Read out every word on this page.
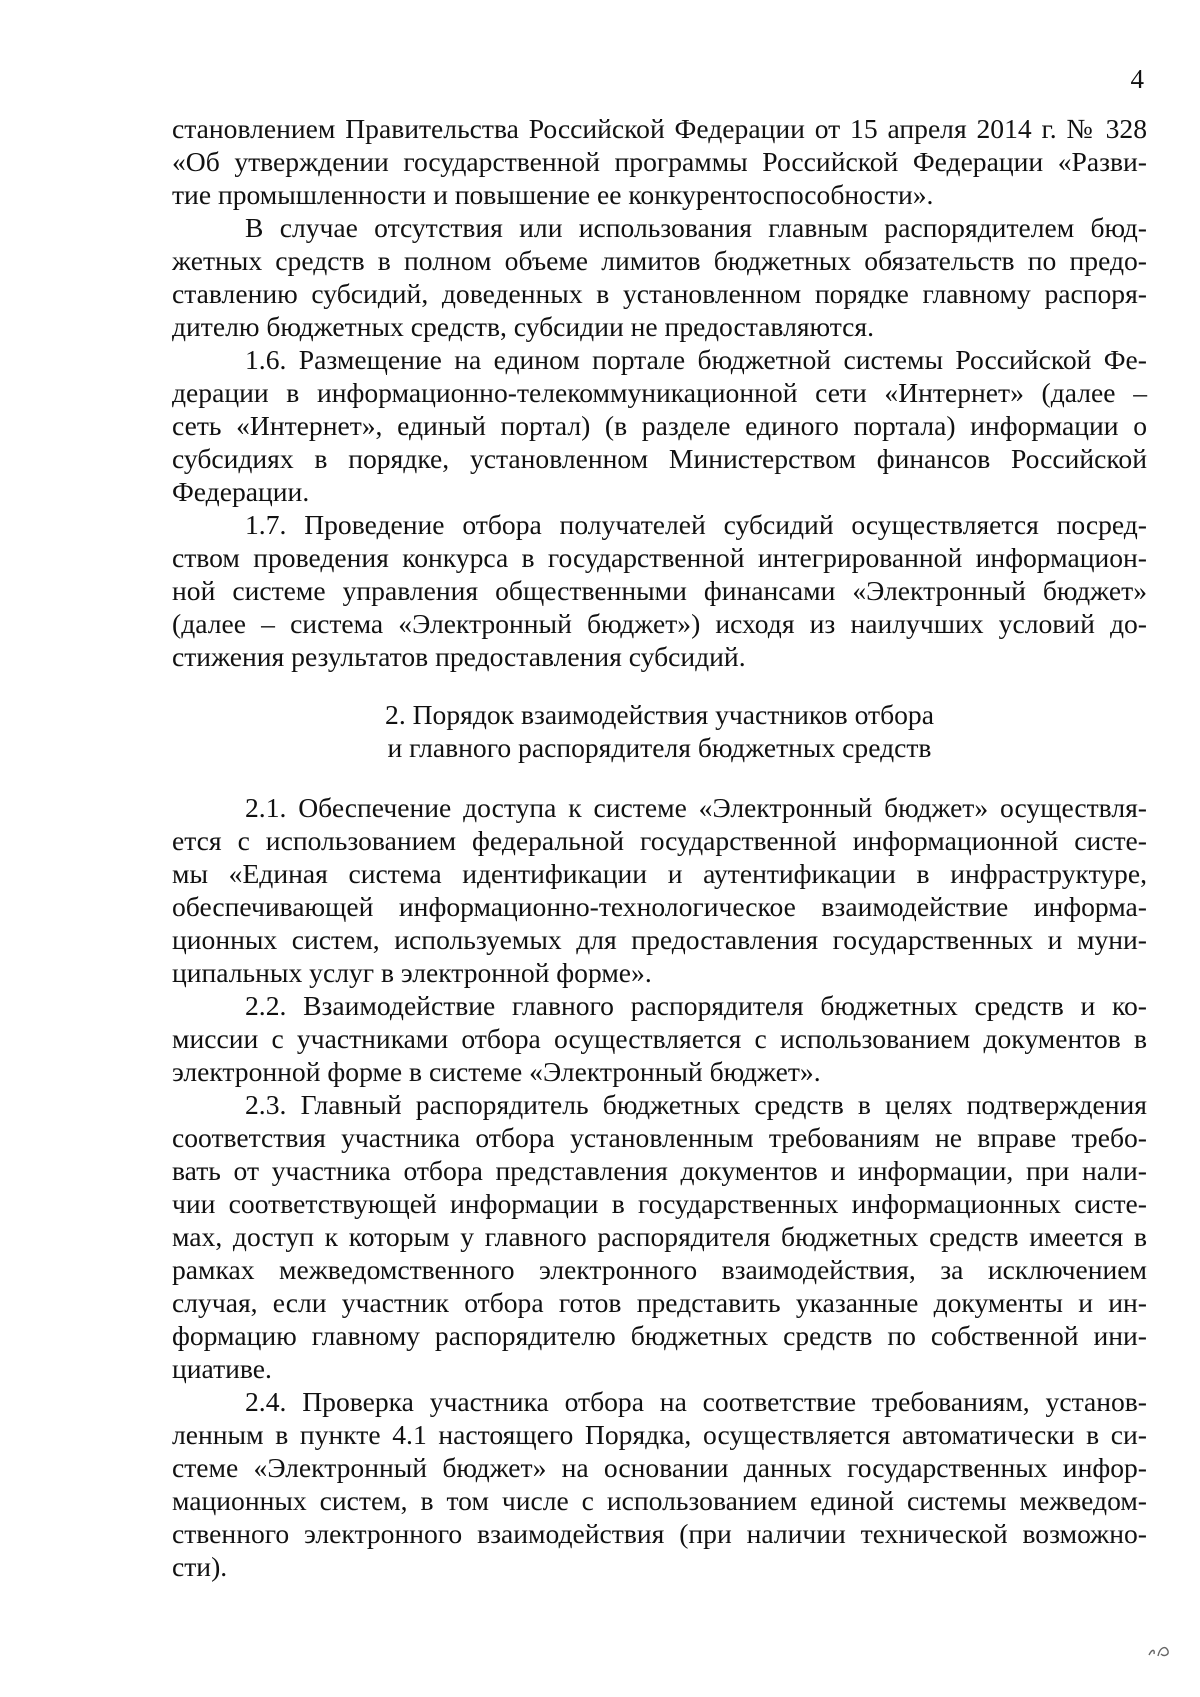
4
становлением Правительства Российской Федерации от 15 апреля 2014 г. № 328
«Об утверждении государственной программы Российской Федерации «Разви-
тие промышленности и повышение ее конкурентоспособности».
В случае отсутствия или использования главным распорядителем бюд-
жетных средств в полном объеме лимитов бюджетных обязательств по предо-
ставлению субсидий, доведенных в установленном порядке главному распоря-
дителю бюджетных средств, субсидии не предоставляются.
1.6. Размещение на едином портале бюджетной системы Российской Фе-
дерации в информационно-телекоммуникационной сети «Интернет» (далее –
сеть «Интернет», единый портал) (в разделе единого портала) информации о
субсидиях в порядке, установленном Министерством финансов Российской
Федерации.
1.7. Проведение отбора получателей субсидий осуществляется посред-
ством проведения конкурса в государственной интегрированной информацион-
ной системе управления общественными финансами «Электронный бюджет»
(далее – система «Электронный бюджет») исходя из наилучших условий до-
стижения результатов предоставления субсидий.
2. Порядок взаимодействия участников отбора
и главного распорядителя бюджетных средств
2.1. Обеспечение доступа к системе «Электронный бюджет» осуществля-
ется с использованием федеральной государственной информационной систе-
мы «Единая система идентификации и аутентификации в инфраструктуре,
обеспечивающей информационно-технологическое взаимодействие информа-
ционных систем, используемых для предоставления государственных и муни-
ципальных услуг в электронной форме».
2.2. Взаимодействие главного распорядителя бюджетных средств и ко-
миссии с участниками отбора осуществляется с использованием документов в
электронной форме в системе «Электронный бюджет».
2.3. Главный распорядитель бюджетных средств в целях подтверждения
соответствия участника отбора установленным требованиям не вправе требо-
вать от участника отбора представления документов и информации, при нали-
чии соответствующей информации в государственных информационных систе-
мах, доступ к которым у главного распорядителя бюджетных средств имеется в
рамках межведомственного электронного взаимодействия, за исключением
случая, если участник отбора готов представить указанные документы и ин-
формацию главному распорядителю бюджетных средств по собственной ини-
циативе.
2.4. Проверка участника отбора на соответствие требованиям, установ-
ленным в пункте 4.1 настоящего Порядка, осуществляется автоматически в си-
стеме «Электронный бюджет» на основании данных государственных инфор-
мационных систем, в том числе с использованием единой системы межведом-
ственного электронного взаимодействия (при наличии технической возможно-
сти).
